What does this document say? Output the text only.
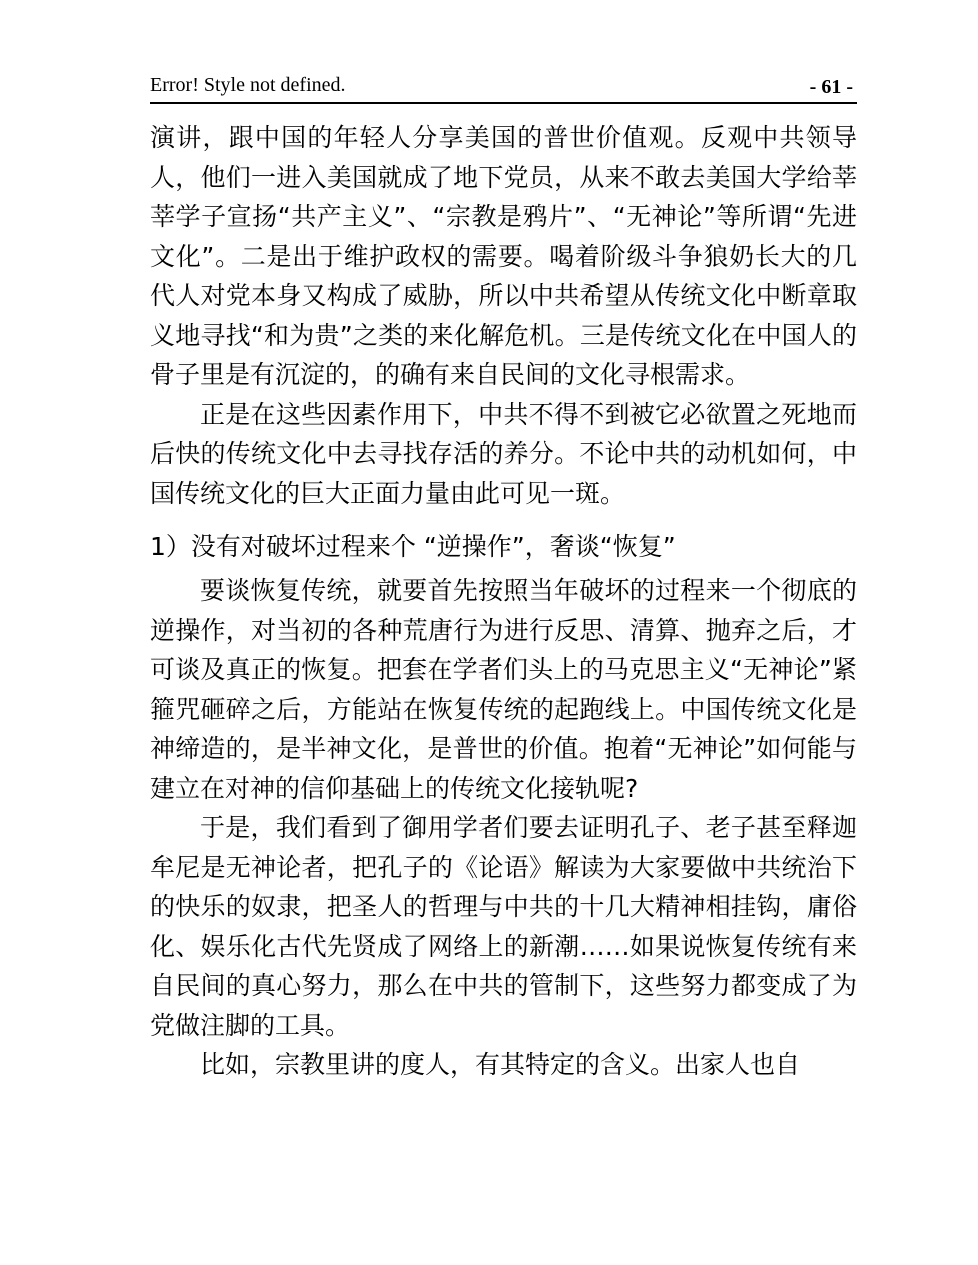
Error! Style not defined.	- 61 -

演讲，跟中国的年轻人分享美国的普世价值观。反观中共领导人，他们一进入美国就成了地下党员，从来不敢去美国大学给莘莘学子宣扬“共产主义”、“宗教是鸦片”、“无神论”等所谓“先进文化”。二是出于维护政权的需要。喝着阶级斗争狼奶长大的几代人对党本身又构成了威胁，所以中共希望从传统文化中断章取义地寻找“和为贵”之类的来化解危机。三是传统文化在中国人的骨子里是有沉淀的，的确有来自民间的文化寻根需求。

正是在这些因素作用下，中共不得不到被它必欲置之死地而后快的传统文化中去寻找存活的养分。不论中共的动机如何，中国传统文化的巨大正面力量由此可见一斑。

1）没有对破坏过程来个 “逆操作”，奢谈“恢复”

要谈恢复传统，就要首先按照当年破坏的过程来一个彻底的逆操作，对当初的各种荒唐行为进行反思、清算、抛弃之后，才可谈及真正的恢复。把套在学者们头上的马克思主义“无神论”紧箍咒砸碎之后，方能站在恢复传统的起跑线上。中国传统文化是神缔造的，是半神文化，是普世的价值。抱着“无神论”如何能与建立在对神的信仰基础上的传统文化接轨呢?

于是，我们看到了御用学者们要去证明孔子、老子甚至释迦牟尼是无神论者，把孔子的《论语》解读为大家要做中共统治下的快乐的奴隶，把圣人的哲理与中共的十几大精神相挂钩，庸俗化、娱乐化古代先贤成了网络上的新潮……如果说恢复传统有来自民间的真心努力，那么在中共的管制下，这些努力都变成了为党做注脚的工具。

比如，宗教里讲的度人，有其特定的含义。出家人也自
